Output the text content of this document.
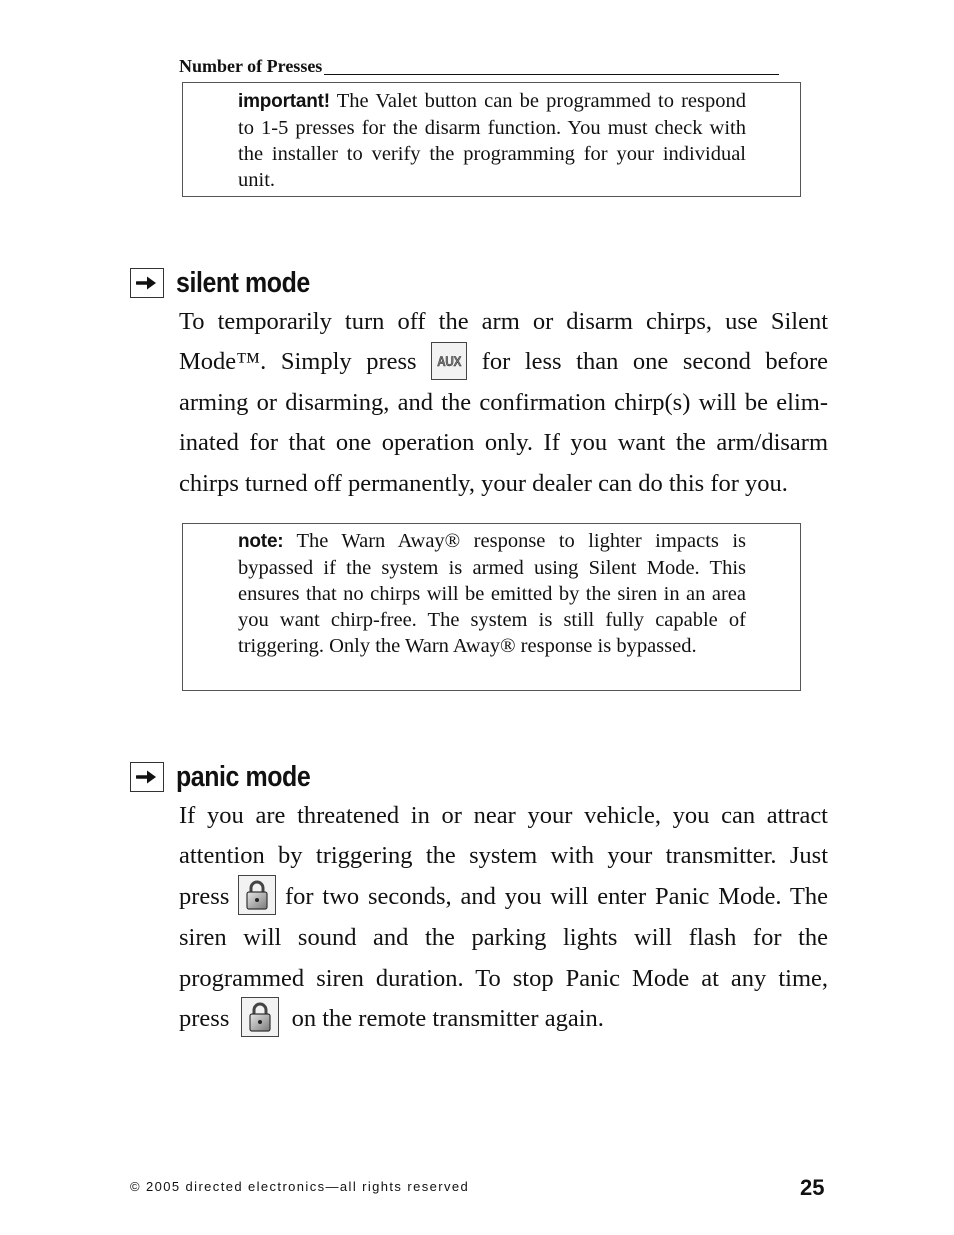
Number of Presses
important! The Valet button can be programmed to respond to 1-5 presses for the disarm function. You must check with the installer to verify the programming for your individual unit.
silent mode
To temporarily turn off the arm or disarm chirps, use Silent
Mode™. Simply press AUX for less than one second before
arming or disarming, and the confirmation chirp(s) will be elim-
inated for that one operation only. If you want the arm/disarm
chirps turned off permanently, your dealer can do this for you.
note: The Warn Away® response to lighter impacts is bypassed if the system is armed using Silent Mode. This ensures that no chirps will be emitted by the siren in an area you want chirp-free. The system is still fully capable of triggering. Only the Warn Away® response is bypassed.
panic mode
If you are threatened in or near your vehicle, you can attract
attention by triggering the system with your transmitter. Just
press for two seconds, and you will enter Panic Mode. The
siren will sound and the parking lights will flash for the
programmed siren duration. To stop Panic Mode at any time,
press	on the remote transmitter again.
© 2005 directed electronics—all rights reserved	25
